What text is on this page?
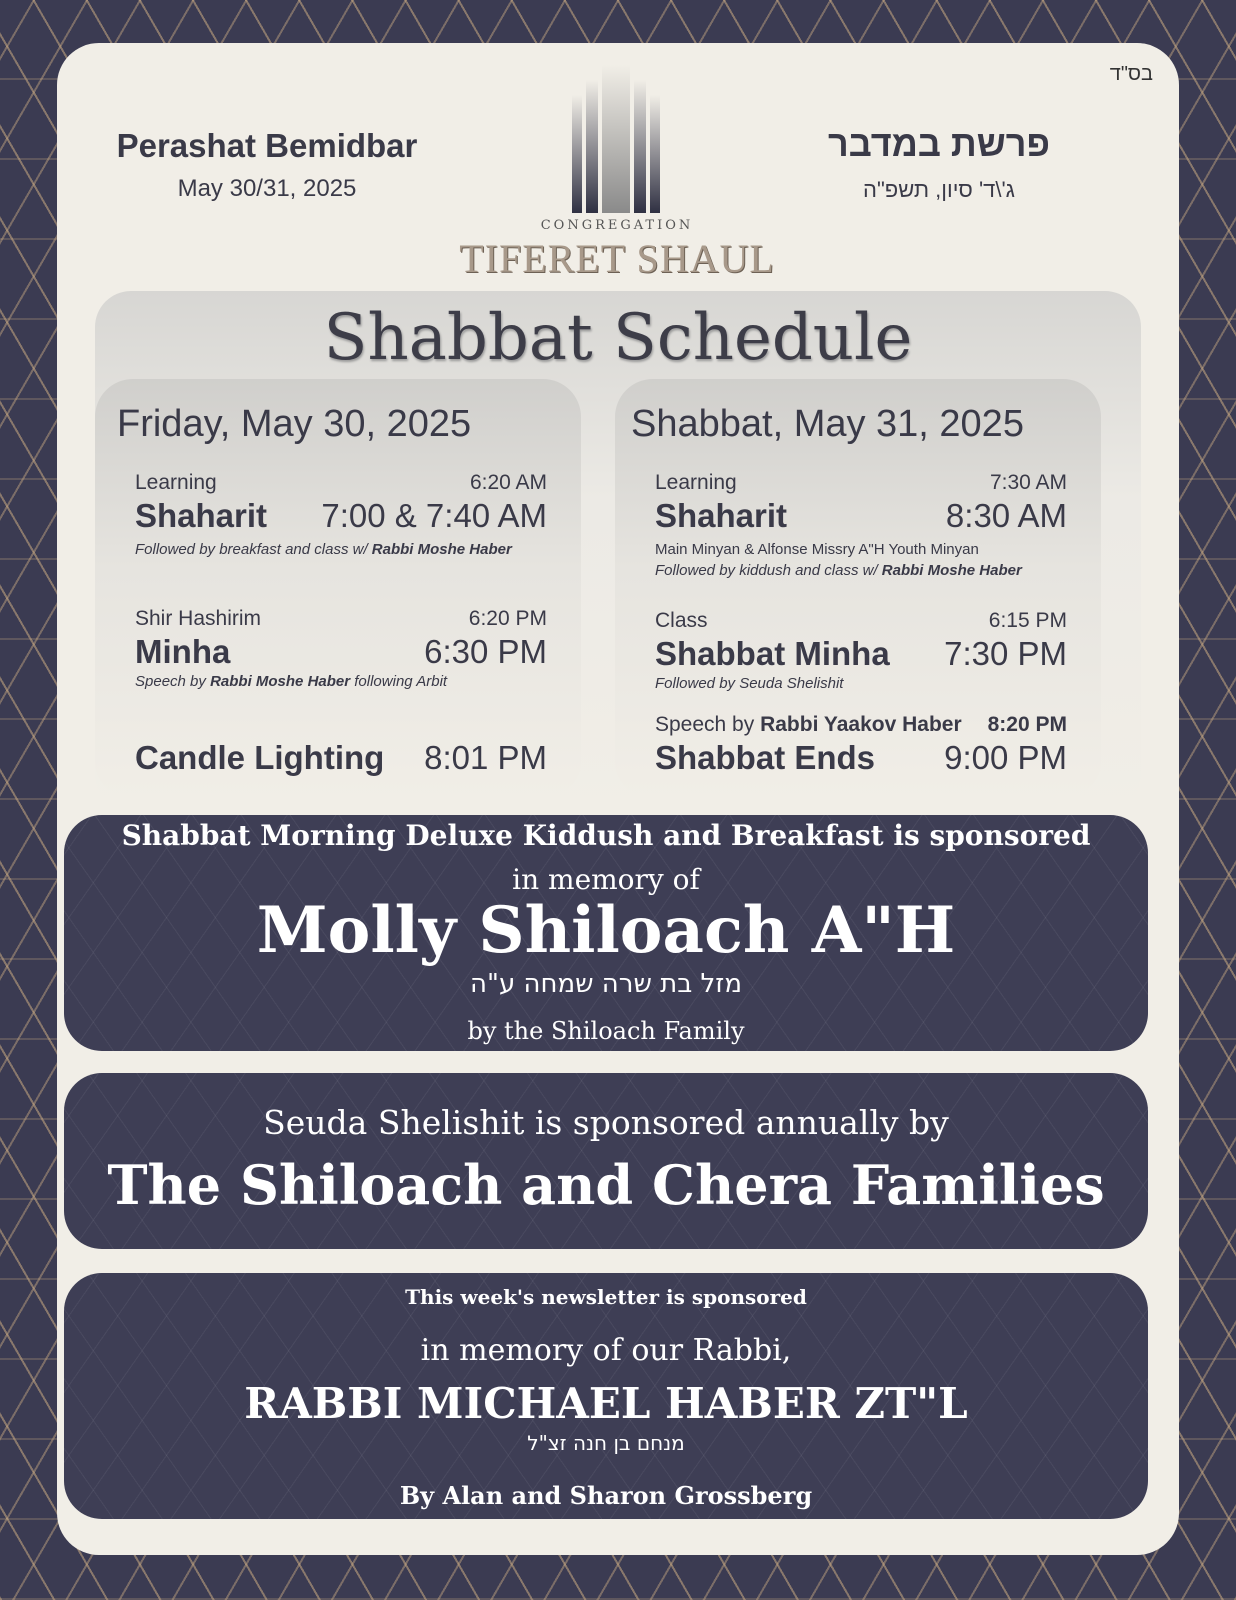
בס"ד
Perashat Bemidbar
May 30/31, 2025
CONGREGATION
TIFERET SHAUL
פרשת במדבר
ג'\ד' סיון, תשפ"ה
Shabbat Schedule
Friday, May 30, 2025
Learning	6:20 AM
Shaharit 7:00 & 7:40 AM
Followed by breakfast and class w/ Rabbi Moshe Haber
Shir Hashirim	6:20 PM
Minha	6:30 PM
Speech by Rabbi Moshe Haber following Arbit
Candle Lighting 8:01 PM
Shabbat, May 31, 2025
Learning	7:30 AM
Shaharit	8:30 AM
Main Minyan & Alfonse Missry A"H Youth Minyan
Followed by kiddush and class w/ Rabbi Moshe Haber
Class	6:15 PM
Shabbat Minha 7:30 PM
Followed by Seuda Shelishit
Speech by Rabbi Yaakov Haber 8:20 PM
Shabbat Ends 9:00 PM
Shabbat Morning Deluxe Kiddush and Breakfast is sponsored
in memory of
Molly Shiloach A"H
מזל בת שרה שמחה ע"ה
by the Shiloach Family
Seuda Shelishit is sponsored annually by
The Shiloach and Chera Families
This week's newsletter is sponsored
in memory of our Rabbi,
RABBI MICHAEL HABER ZT"L
מנחם בן חנה זצ"ל
By Alan and Sharon Grossberg
